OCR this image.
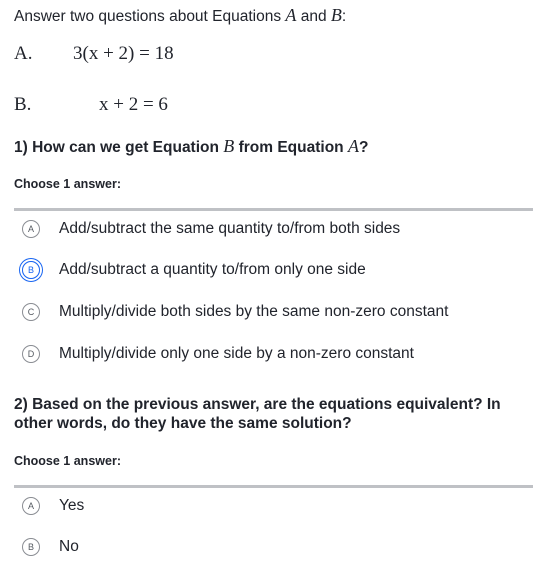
Answer two questions about Equations A and B:
A. 3(x + 2) = 18
B.	x + 2 = 6
1) How can we get Equation B from Equation A?
Choose 1 answer:
A	Add/subtract the same quantity to/from both sides
B	Add/subtract a quantity to/from only one side
C	Multiply/divide both sides by the same non-zero constant
D	Multiply/divide only one side by a non-zero constant
2) Based on the previous answer, are the equations equivalent? In other words, do they have the same solution?
Choose 1 answer:
A	Yes
B	No
